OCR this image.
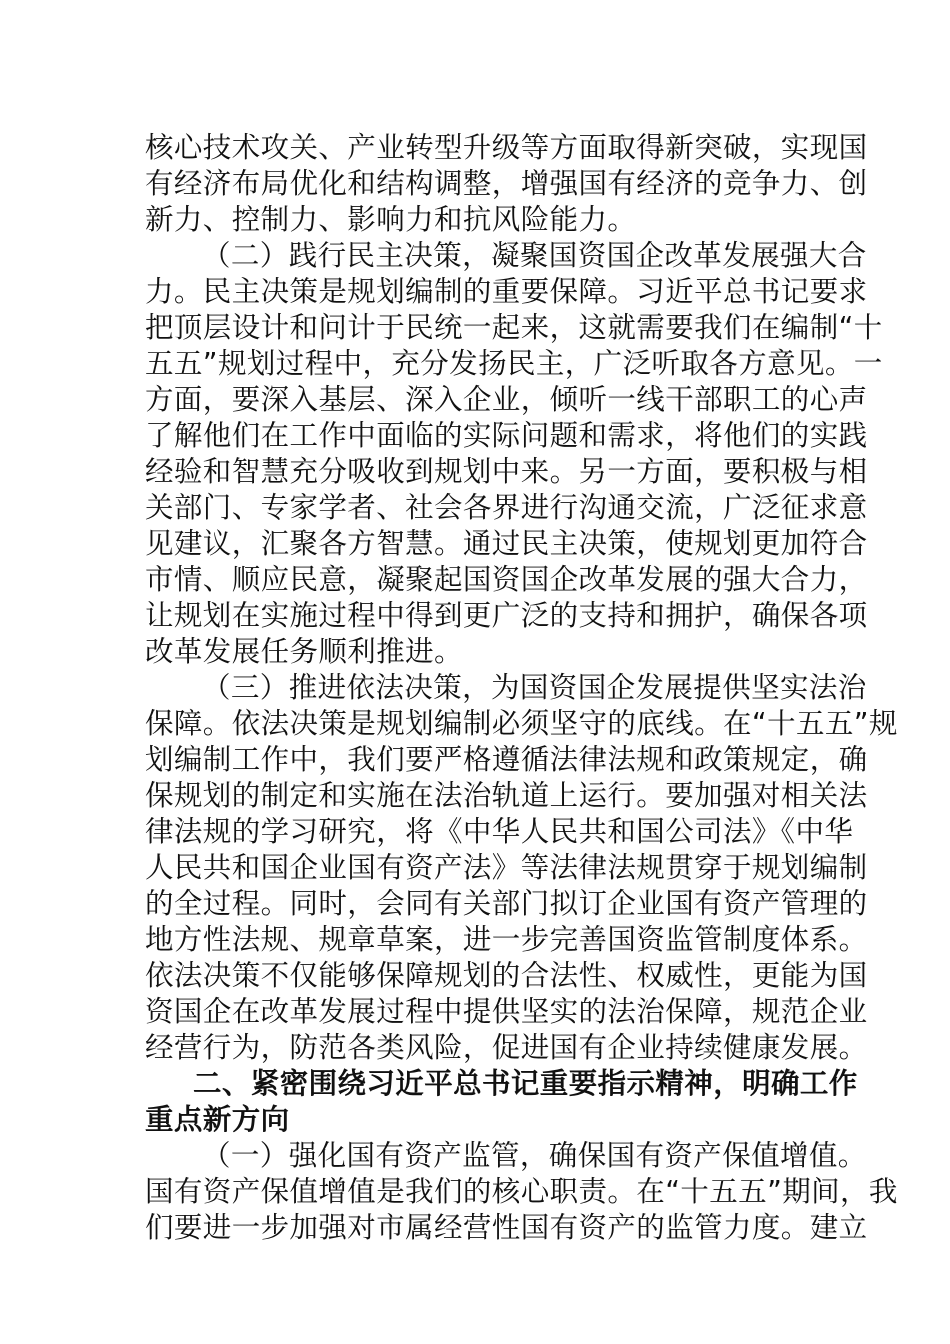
核心技术攻关、产业转型升级等方面取得新突破，实现国
有经济布局优化和结构调整，增强国有经济的竞争力、创
新力、控制力、影响力和抗风险能力。
（二）践行民主决策，凝聚国资国企改革发展强大合
力。民主决策是规划编制的重要保障。习近平总书记要求
把顶层设计和问计于民统一起来，这就需要我们在编制“十
五五”规划过程中，充分发扬民主，广泛听取各方意见。一
方面，要深入基层、深入企业，倾听一线干部职工的心声
了解他们在工作中面临的实际问题和需求，将他们的实践
经验和智慧充分吸收到规划中来。另一方面，要积极与相
关部门、专家学者、社会各界进行沟通交流，广泛征求意
见建议，汇聚各方智慧。通过民主决策，使规划更加符合
市情、顺应民意，凝聚起国资国企改革发展的强大合力，
让规划在实施过程中得到更广泛的支持和拥护，确保各项
改革发展任务顺利推进。
（三）推进依法决策，为国资国企发展提供坚实法治
保障。依法决策是规划编制必须坚守的底线。在“十五五”规
划编制工作中，我们要严格遵循法律法规和政策规定，确
保规划的制定和实施在法治轨道上运行。要加强对相关法
律法规的学习研究，将《中华人民共和国公司法》《中华
人民共和国企业国有资产法》等法律法规贯穿于规划编制
的全过程。同时，会同有关部门拟订企业国有资产管理的
地方性法规、规章草案，进一步完善国资监管制度体系。
依法决策不仅能够保障规划的合法性、权威性，更能为国
资国企在改革发展过程中提供坚实的法治保障，规范企业
经营行为，防范各类风险，促进国有企业持续健康发展。
二、紧密围绕习近平总书记重要指示精神，明确工作
重点新方向
（一）强化国有资产监管，确保国有资产保值增值。
国有资产保值增值是我们的核心职责。在“十五五”期间，我
们要进一步加强对市属经营性国有资产的监管力度。建立
